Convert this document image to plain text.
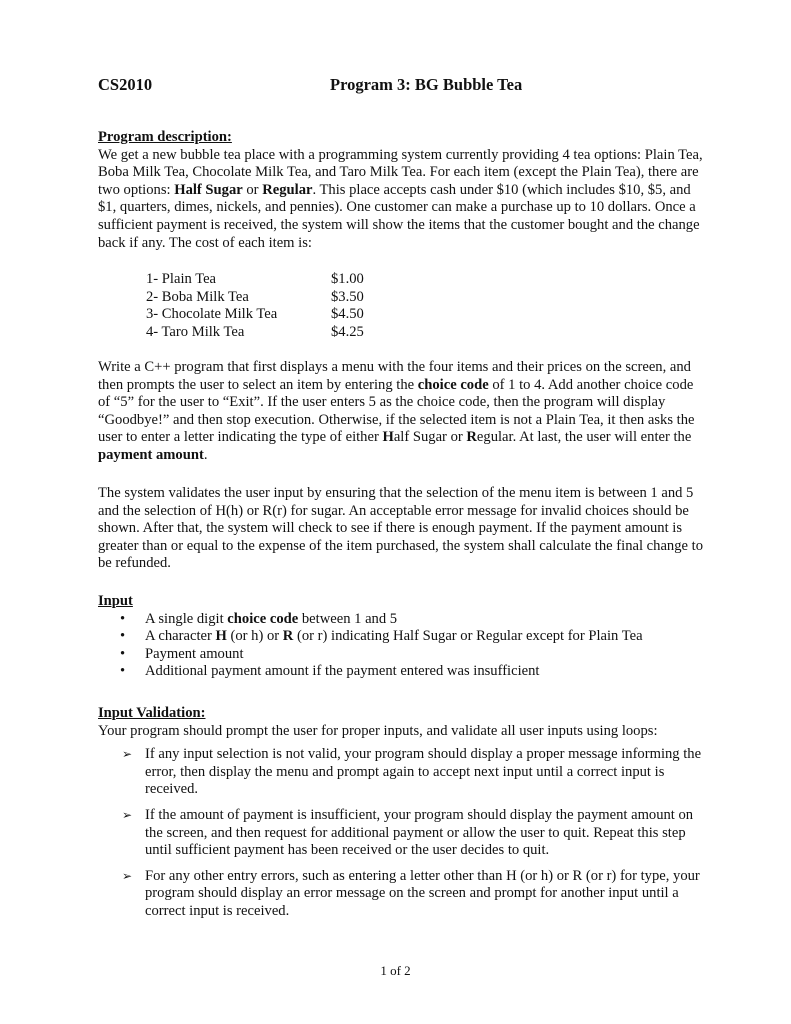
CS2010	Program 3: BG Bubble Tea
Program description:

We get a new bubble tea place with a programming system currently providing 4 tea options: Plain Tea, Boba Milk Tea, Chocolate Milk Tea, and Taro Milk Tea. For each item (except the Plain Tea), there are two options: Half Sugar or Regular. This place accepts cash under $10 (which includes $10, $5, and $1, quarters, dimes, nickels, and pennies). One customer can make a purchase up to 10 dollars. Once a sufficient payment is received, the system will show the items that the customer bought and the change back if any. The cost of each item is:

1- Plain Tea	$1.00
2- Boba Milk Tea	$3.50
3- Chocolate Milk Tea	$4.50
4- Taro Milk Tea	$4.25

Write a C++ program that first displays a menu with the four items and their prices on the screen, and then prompts the user to select an item by entering the choice code of 1 to 4. Add another choice code of “5” for the user to “Exit”. If the user enters 5 as the choice code, then the program will display “Goodbye!” and then stop execution. Otherwise, if the selected item is not a Plain Tea, it then asks the user to enter a letter indicating the type of either Half Sugar or Regular. At last, the user will enter the payment amount.

The system validates the user input by ensuring that the selection of the menu item is between 1 and 5 and the selection of H(h) or R(r) for sugar. An acceptable error message for invalid choices should be shown. After that, the system will check to see if there is enough payment. If the payment amount is greater than or equal to the expense of the item purchased, the system shall calculate the final change to be refunded.

Input
• A single digit choice code between 1 and 5
• A character H (or h) or R (or r) indicating Half Sugar or Regular except for Plain Tea
• Payment amount
• Additional payment amount if the payment entered was insufficient
Input Validation:

Your program should prompt the user for proper inputs, and validate all user inputs using loops:

➢ If any input selection is not valid, your program should display a proper message informing the error, then display the menu and prompt again to accept next input until a correct input is received.
➢ If the amount of payment is insufficient, your program should display the payment amount on the screen, and then request for additional payment or allow the user to quit. Repeat this step until sufficient payment has been received or the user decides to quit.
➢ For any other entry errors, such as entering a letter other than H (or h) or R (or r) for type, your program should display an error message on the screen and prompt for another input until a correct input is received.
1 of 2
